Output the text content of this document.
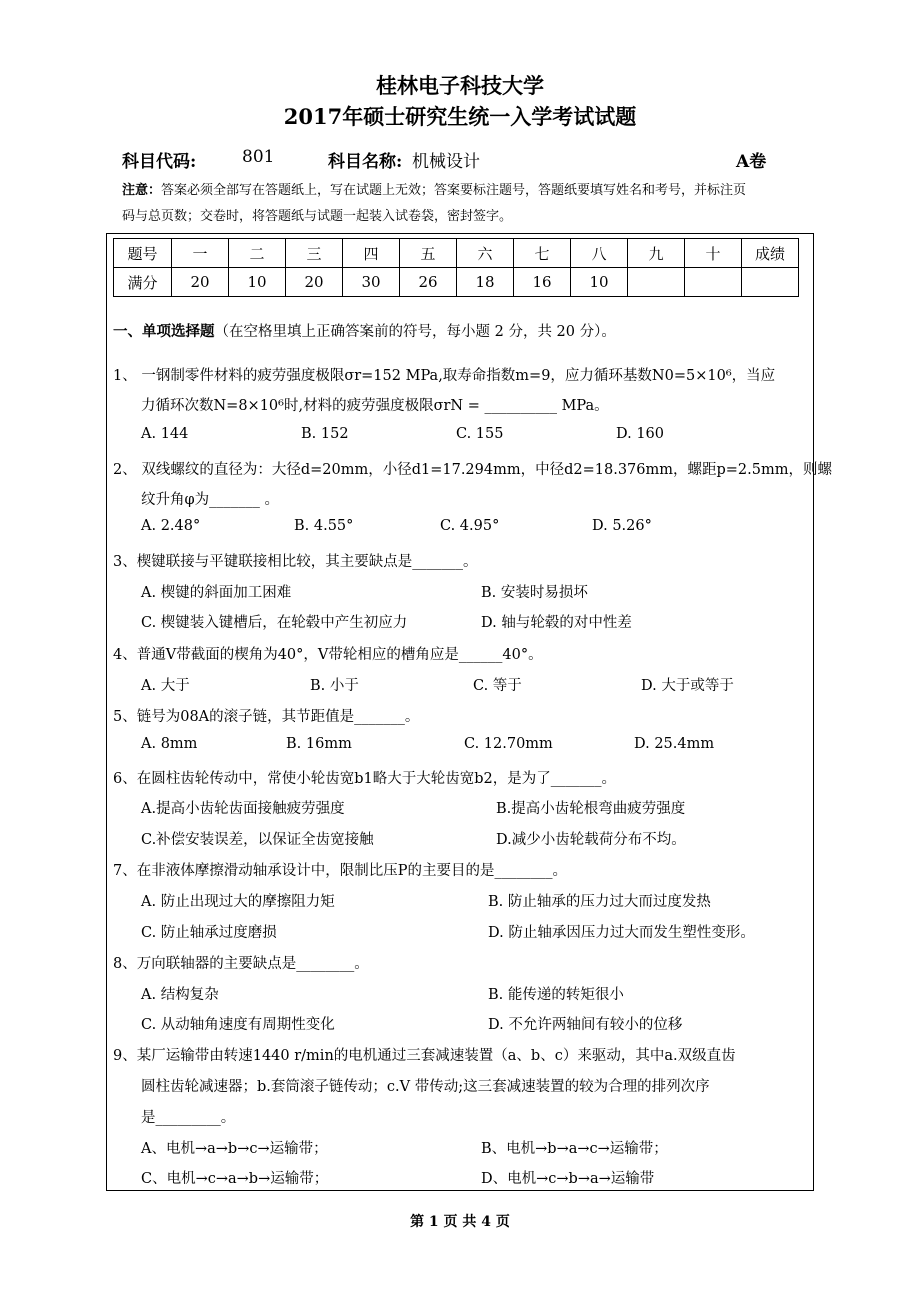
桂林电子科技大学
2017年硕士研究生统一入学考试试题
科目代码:	801	科目名称: 机械设计	A卷
注意：答案必须全部写在答题纸上，写在试题上无效；答案要标注题号，答题纸要填写姓名和考号，并标注页
码与总页数；交卷时，将答题纸与试题一起装入试卷袋，密封签字。
题号	一	二	三	四	五	六	七	八	九	十	成绩
满分	20	10	20	30	26	18	16	10			
一、单项选择题（在空格里填上正确答案前的符号，每小题 2 分，共 20 分）。
1、 一钢制零件材料的疲劳强度极限σr=152 MPa,取寿命指数m=9，应力循环基数N0=5×10⁶，当应
力循环次数N=8×10⁶时,材料的疲劳强度极限σrN = __________ MPa。
A. 144	B. 152	C. 155	D. 160
2、 双线螺纹的直径为：大径d=20mm，小径d1=17.294mm，中径d2=18.376mm，螺距p=2.5mm，则螺
纹升角φ为_______ 。
A. 2.48°	B. 4.55°	C. 4.95°	D. 5.26°
3、楔键联接与平键联接相比较，其主要缺点是_______。
A. 楔键的斜面加工困难	B. 安装时易损坏
C. 楔键装入键槽后，在轮毂中产生初应力	D. 轴与轮毂的对中性差
4、普通V带截面的楔角为40°，V带轮相应的槽角应是______40°。
A. 大于	B. 小于	C. 等于	D. 大于或等于
5、链号为08A的滚子链，其节距值是_______。
A. 8mm	B. 16mm	C. 12.70mm	D. 25.4mm
6、在圆柱齿轮传动中，常使小轮齿宽b1略大于大轮齿宽b2，是为了_______。
A.提高小齿轮齿面接触疲劳强度	B.提高小齿轮根弯曲疲劳强度
C.补偿安装误差，以保证全齿宽接触	D.减少小齿轮载荷分布不均。
7、在非液体摩擦滑动轴承设计中，限制比压P的主要目的是________。
A. 防止出现过大的摩擦阻力矩	B. 防止轴承的压力过大而过度发热
C. 防止轴承过度磨损	D. 防止轴承因压力过大而发生塑性变形。
8、万向联轴器的主要缺点是________。
A. 结构复杂	B. 能传递的转矩很小
C. 从动轴角速度有周期性变化	D. 不允许两轴间有较小的位移
9、某厂运输带由转速1440 r/min的电机通过三套减速装置（a、b、c）来驱动，其中a.双级直齿
圆柱齿轮减速器；b.套筒滚子链传动；c.V 带传动;这三套减速装置的较为合理的排列次序
是_________。
A、电机→a→b→c→运输带；	B、电机→b→a→c→运输带；
C、电机→c→a→b→运输带；	D、电机→c→b→a→运输带
第 1 页 共 4 页
